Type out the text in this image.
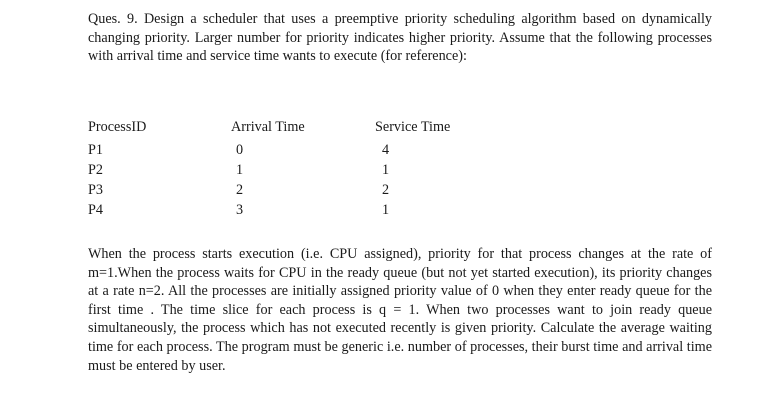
Ques. 9. Design a scheduler that uses a preemptive priority scheduling algorithm based on dynamically changing priority. Larger number for priority indicates higher priority. Assume that the following processes with arrival time and service time wants to execute (for reference):

ProcessID	Arrival Time	Service Time
P1	0	4
P2	1	1
P3	2	2
P4	3	1

When the process starts execution (i.e. CPU assigned), priority for that process changes at the rate of m=1.When the process waits for CPU in the ready queue (but not yet started execution), its priority changes at a rate n=2. All the processes are initially assigned priority value of 0 when they enter ready queue for the first time . The time slice for each process is q = 1. When two processes want to join ready queue simultaneously, the process which has not executed recently is given priority. Calculate the average waiting time for each process. The program must be generic i.e. number of processes, their burst time and arrival time must be entered by user.
